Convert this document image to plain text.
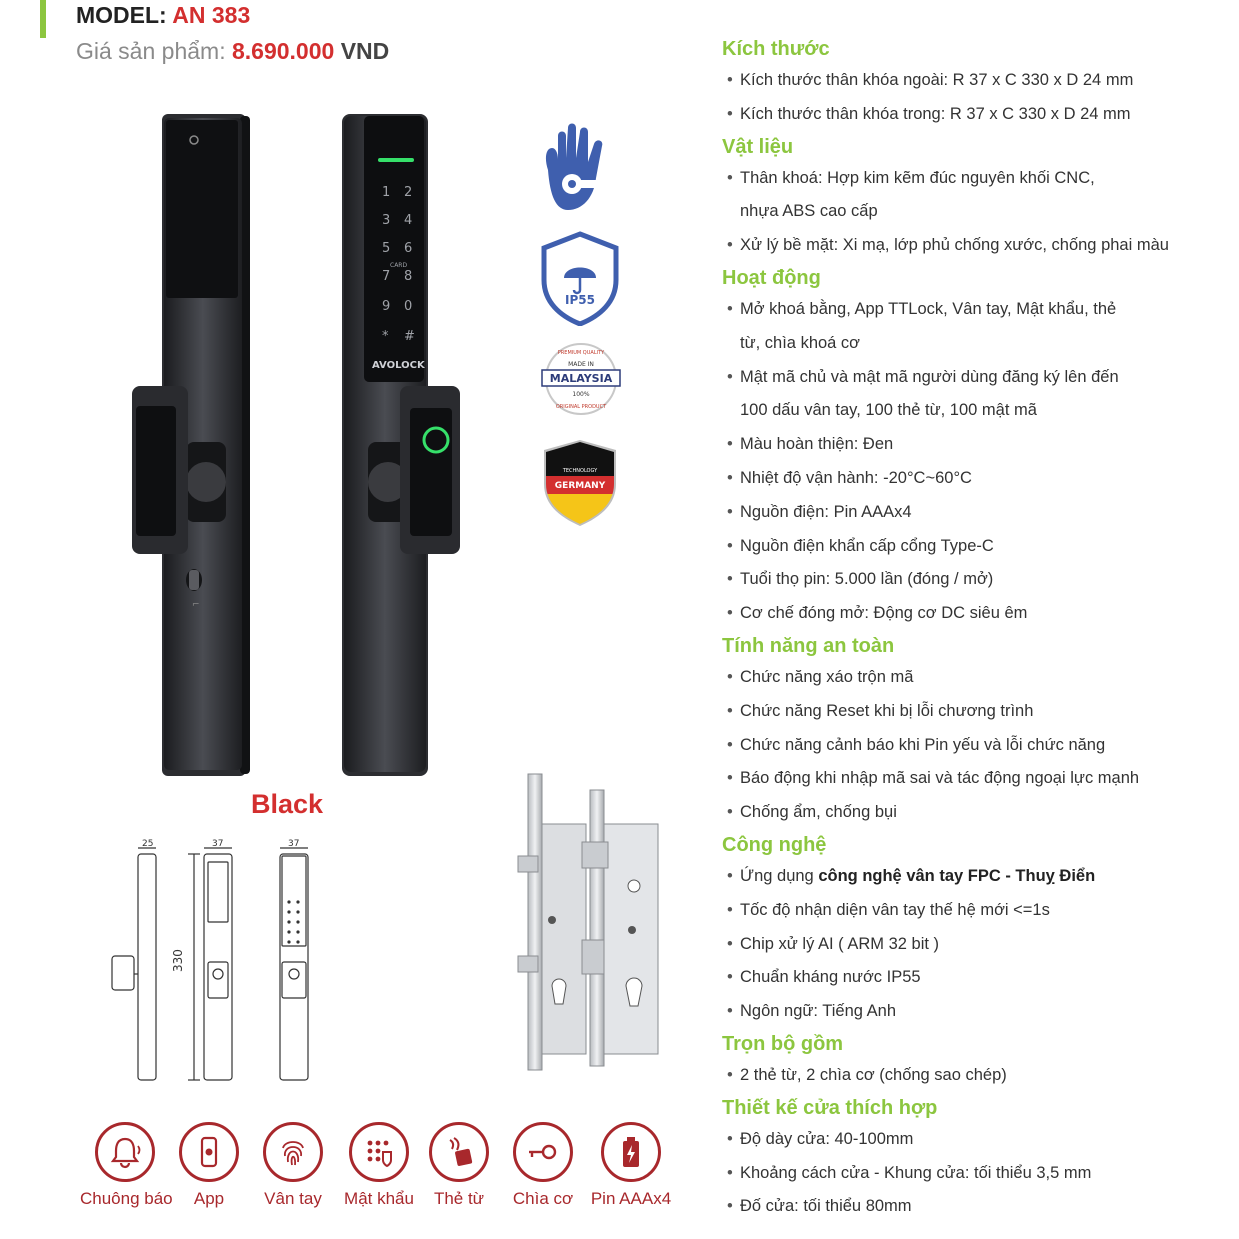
MODEL: AN 383
Giá sản phẩm: 8.690.000 VND
⌐
1 2
3 4
5 6
7 8
9 0
* #
CARD
AVOLOCK
Black
IP55
PREMIUM QUALITY
MADE IN
MALAYSIA
100%
ORIGINAL PRODUCT
TECHNOLOGY
GERMANY
25	37	37
330
Kích thước
• Kích thước thân khóa ngoài: R 37 x C 330 x D 24 mm
• Kích thước thân khóa trong: R 37 x C 330 x D 24 mm
Vật liệu
• Thân khoá: Hợp kim kẽm đúc nguyên khối CNC,
nhựa ABS cao cấp
• Xử lý bề mặt: Xi mạ, lớp phủ chống xước, chống phai màu
Hoạt động
• Mở khoá bằng, App TTLock, Vân tay, Mật khẩu, thẻ
từ, chìa khoá cơ
• Mật mã chủ và mật mã người dùng đăng ký lên đến
100 dấu vân tay, 100 thẻ từ, 100 mật mã
• Màu hoàn thiện: Đen
• Nhiệt độ vận hành: -20°C~60°C
• Nguồn điện: Pin AAAx4
• Nguồn điện khẩn cấp cổng Type-C
• Tuổi thọ pin: 5.000 lần (đóng / mở)
• Cơ chế đóng mở: Động cơ DC siêu êm
Tính năng an toàn
• Chức năng xáo trộn mã
• Chức năng Reset khi bị lỗi chương trình
• Chức năng cảnh báo khi Pin yếu và lỗi chức năng
• Báo động khi nhập mã sai và tác động ngoại lực mạnh
• Chống ẩm, chống bụi
Công nghệ
• Ứng dụng công nghệ vân tay FPC - Thuỵ Điển
• Tốc độ nhận diện vân tay thế hệ mới <=1s
• Chip xử lý AI ( ARM 32 bit )
• Chuẩn kháng nước IP55
• Ngôn ngữ: Tiếng Anh
Trọn bộ gồm
• 2 thẻ từ, 2 chìa cơ (chống sao chép)
Thiết kế cửa thích hợp
• Độ dày cửa: 40-100mm
• Khoảng cách cửa - Khung cửa: tối thiểu 3,5 mm
• Đố cửa: tối thiểu 80mm
Chuông báo	App	Vân tay	Mật khẩu	Thẻ từ	Chìa cơ	Pin AAAx4
